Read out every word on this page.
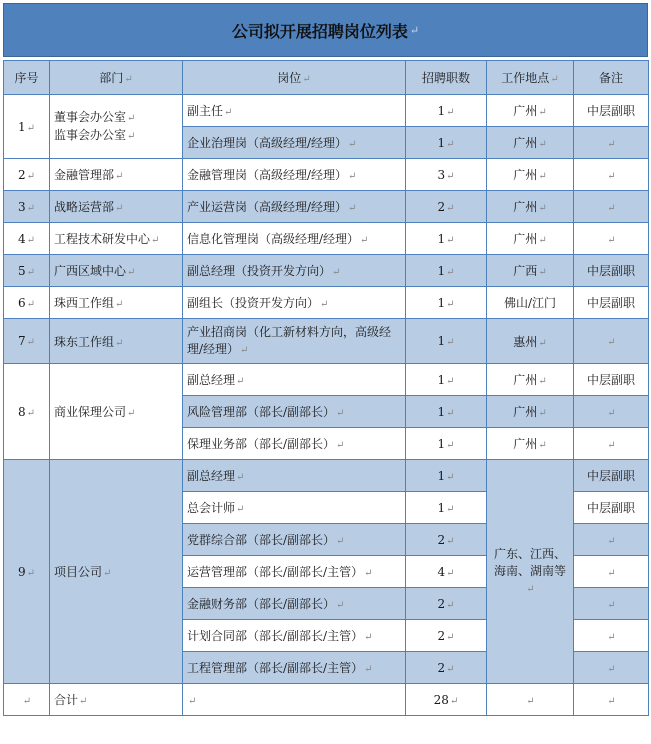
公司拟开展招聘岗位列表 ↵
序号	部门↵	岗位↵	招聘职数	工作地点↵	备注
1↵	董事会办公室↵
监事会办公室↵	副主任↵	1↵	广州↵	中层副职
		企业治理岗（高级经理/经理）↵	1↵	广州↵	↵
2↵	金融管理部↵	金融管理岗（高级经理/经理）↵	3↵	广州↵	↵
3↵	战略运营部↵	产业运营岗（高级经理/经理）↵	2↵	广州↵	↵
4↵	工程技术研发中心↵	信息化管理岗（高级经理/经理）↵	1↵	广州↵	↵
5↵	广西区域中心↵	副总经理（投资开发方向）↵	1↵	广西↵	中层副职
6↵	珠西工作组↵	副组长（投资开发方向）↵	1↵	佛山/江门	中层副职
7↵	珠东工作组↵	产业招商岗（化工新材料方向，高级经理/经理）↵	1↵	惠州↵	↵
8↵	商业保理公司↵	副总经理↵	1↵	广州↵	中层副职
		风险管理部（部长/副部长）↵	1↵	广州↵	↵
		保理业务部（部长/副部长）↵	1↵	广州↵	↵
9↵	项目公司↵	副总经理↵	1↵	广东、江西、海南、湖南等↵	中层副职
		总会计师↵	1↵		中层副职
		党群综合部（部长/副部长）↵	2↵		↵
		运营管理部（部长/副部长/主管）↵	4↵		↵
		金融财务部（部长/副部长）↵	2↵		↵
		计划合同部（部长/副部长/主管）↵	2↵		↵
		工程管理部（部长/副部长/主管）↵	2↵		↵
↵	合计↵	↵	28↵	↵	↵
